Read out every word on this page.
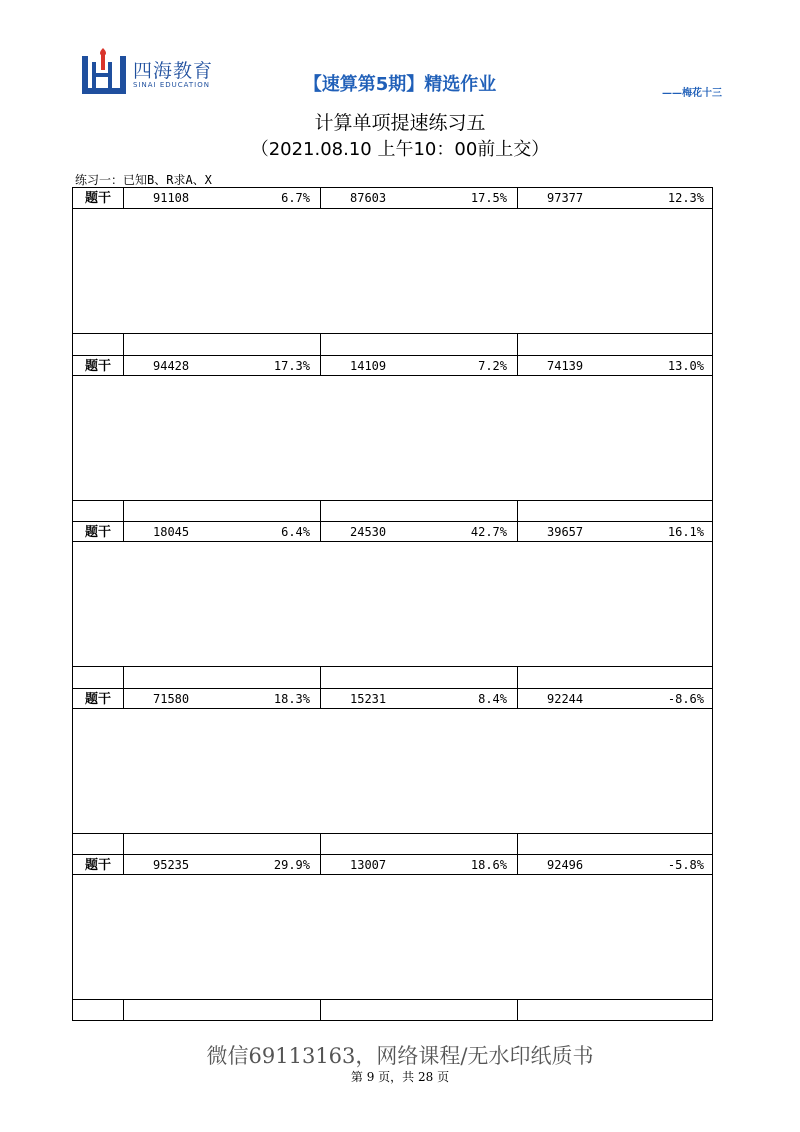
四海教育
SINAI EDUCATION	【速算第5期】精选作业	——梅花十三
计算单项提速练习五
（2021.08.10 上午10：00前上交）
练习一：已知B、R求A、X
题干	91108	6.7%	87603	17.5%	97377	12.3%
题干	94428	17.3%	14109	7.2%	74139	13.0%
题干	18045	6.4%	24530	42.7%	39657	16.1%
题干	71580	18.3%	15231	8.4%	92244	-8.6%
题干	95235	29.9%	13007	18.6%	92496	-5.8%
微信69113163，网络课程/无水印纸质书
第 9 页，共 28 页
